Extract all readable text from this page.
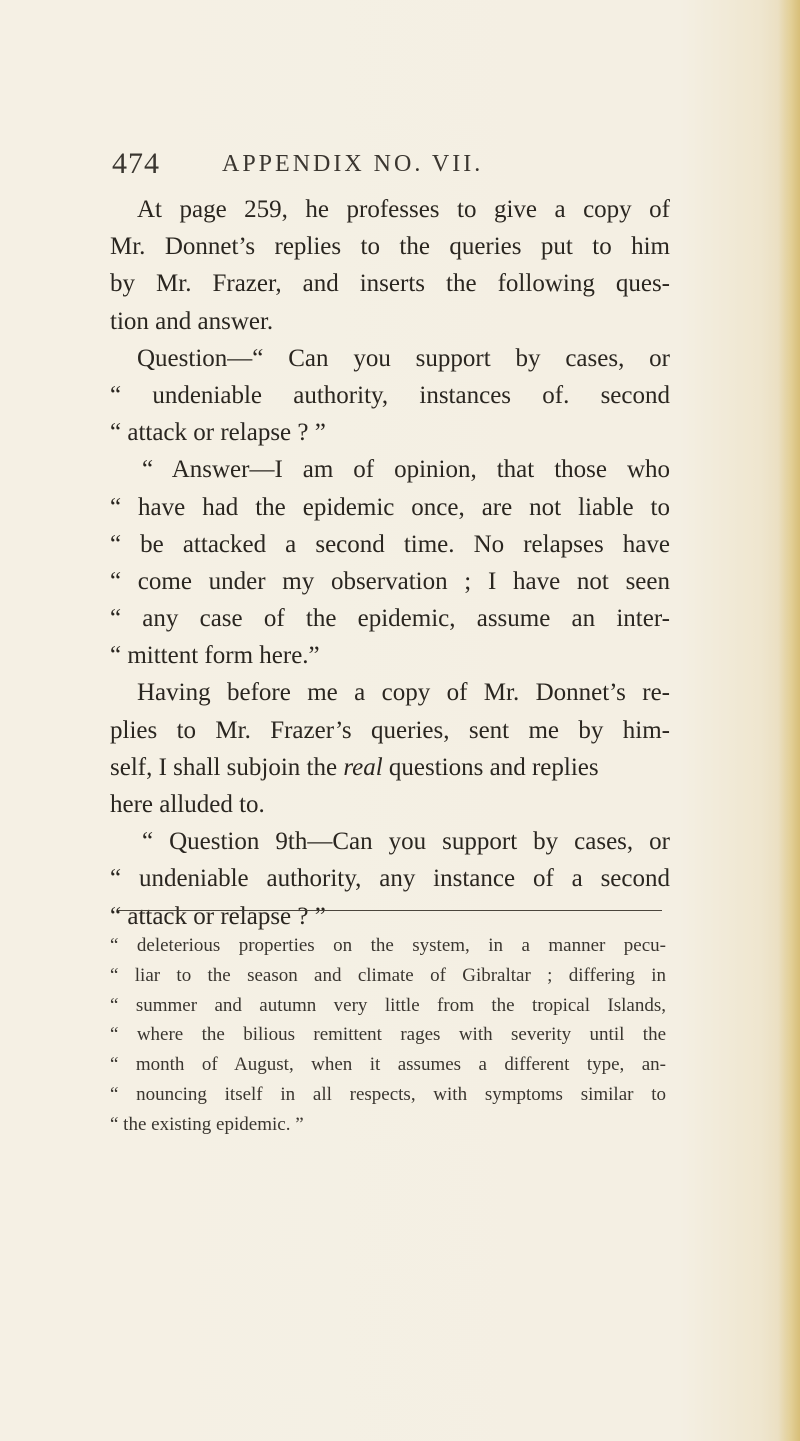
474	APPENDIX NO. VII.
At page 259, he professes to give a copy of
Mr. Donnet’s replies to the queries put to him
by Mr. Frazer, and inserts the following ques-
tion and answer.
Question—“ Can you support by cases, or
“ undeniable authority, instances of. second
“ attack or relapse ? ”
“ Answer—I am of opinion, that those who
“ have had the epidemic once, are not liable to
“ be attacked a second time. No relapses have
“ come under my observation ; I have not seen
“ any case of the epidemic, assume an inter-
“ mittent form here.”
Having before me a copy of Mr. Donnet’s re-
plies to Mr. Frazer’s queries, sent me by him-
self, I shall subjoin the real questions and replies
here alluded to.
“ Question 9th—Can you support by cases, or
“ undeniable authority, any instance of a second
“ attack or relapse ? ”
“ deleterious properties on the system, in a manner pecu-
“ liar to the season and climate of Gibraltar ; differing in
“ summer and autumn very little from the tropical Islands,
“ where the bilious remittent rages with severity until the
“ month of August, when it assumes a different type, an-
“ nouncing itself in all respects, with symptoms similar to
“ the existing epidemic. ”
